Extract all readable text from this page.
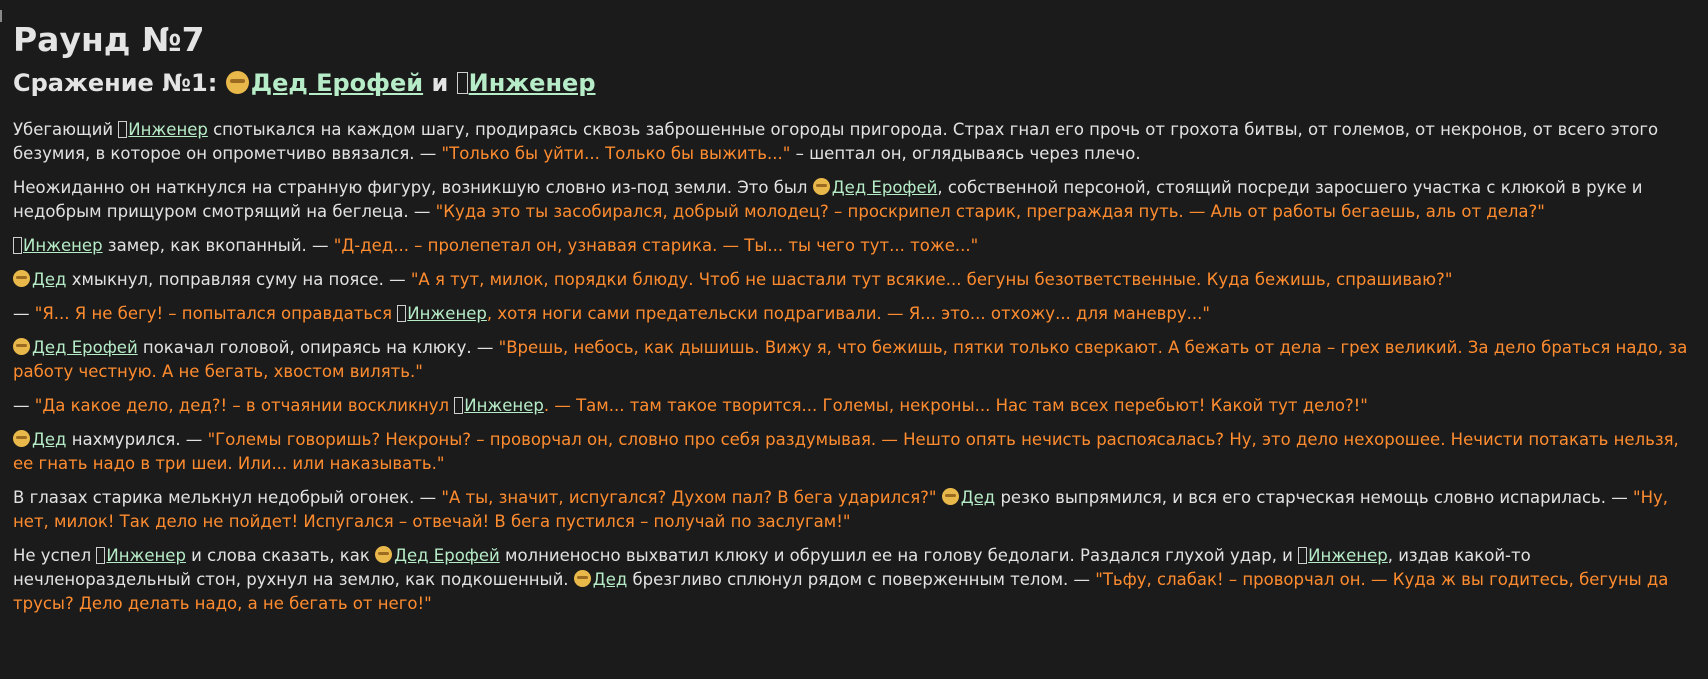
Раунд №7
Сражение №1: Дед Ерофей и Инженер

Убегающий Инженер спотыкался на каждом шагу, продираясь сквозь заброшенные огороды пригорода. Страх гнал его прочь от грохота битвы, от големов, от некронов, от всего этого безумия, в которое он опрометчиво ввязался. — "Только бы уйти... Только бы выжить..." – шептал он, оглядываясь через плечо.

Неожиданно он наткнулся на странную фигуру, возникшую словно из-под земли. Это был Дед Ерофей, собственной персоной, стоящий посреди заросшего участка с клюкой в руке и недобрым прищуром смотрящий на беглеца. — "Куда это ты засобирался, добрый молодец? – проскрипел старик, преграждая путь. — Аль от работы бегаешь, аль от дела?"

Инженер замер, как вкопанный. — "Д-дед... – пролепетал он, узнавая старика. — Ты... ты чего тут... тоже..."

Дед хмыкнул, поправляя суму на поясе. — "А я тут, милок, порядки блюду. Чтоб не шастали тут всякие... бегуны безответственные. Куда бежишь, спрашиваю?"

— "Я... Я не бегу! – попытался оправдаться Инженер, хотя ноги сами предательски подрагивали. — Я... это... отхожу... для маневру..."

Дед Ерофей покачал головой, опираясь на клюку. — "Врешь, небось, как дышишь. Вижу я, что бежишь, пятки только сверкают. А бежать от дела – грех великий. За дело браться надо, за работу честную. А не бегать, хвостом вилять."

— "Да какое дело, дед?! – в отчаянии воскликнул Инженер. — Там... там такое творится... Големы, некроны... Нас там всех перебьют! Какой тут дело?!"

Дед нахмурился. — "Големы говоришь? Некроны? – проворчал он, словно про себя раздумывая. — Нешто опять нечисть распоясалась? Ну, это дело нехорошее. Нечисти потакать нельзя, ее гнать надо в три шеи. Или... или наказывать."

В глазах старика мелькнул недобрый огонек. — "А ты, значит, испугался? Духом пал? В бега ударился?" Дед резко выпрямился, и вся его старческая немощь словно испарилась. — "Ну, нет, милок! Так дело не пойдет! Испугался – отвечай! В бега пустился – получай по заслугам!"

Не успел Инженер и слова сказать, как Дед Ерофей молниеносно выхватил клюку и обрушил ее на голову бедолаги. Раздался глухой удар, и Инженер, издав какой-то нечленораздельный стон, рухнул на землю, как подкошенный. Дед брезгливо сплюнул рядом с поверженным телом. — "Тьфу, слабак! – проворчал он. — Куда ж вы годитесь, бегуны да трусы? Дело делать надо, а не бегать от него!"
